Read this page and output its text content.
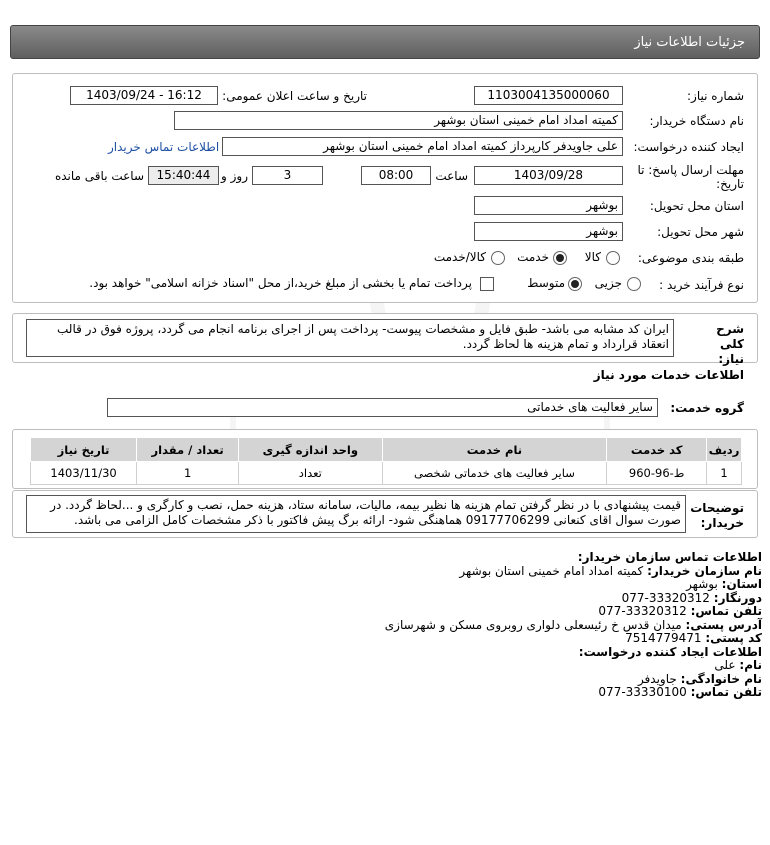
جزئیات اطلاعات نیاز
شماره نیاز:
1103004135000060
تاریخ و ساعت اعلان عمومی:
1403/09/24 - 16:12
نام دستگاه خریدار:
کمیته امداد امام خمینی استان بوشهر
ایجاد کننده درخواست:
علی جاویدفر کارپرداز کمیته امداد امام خمینی استان بوشهر
اطلاعات تماس خریدار
مهلت ارسال پاسخ: تا تاریخ:
1403/09/28
ساعت
08:00
3
روز و
15:40:44
ساعت باقی مانده
استان محل تحویل:
بوشهر
شهر محل تحویل:
بوشهر
طبقه بندی موضوعی:
کالا
خدمت
کالا/خدمت
نوع فرآیند خرید :
جزیی
متوسط
پرداخت تمام یا بخشی از مبلغ خرید،از محل "اسناد خزانه اسلامی" خواهد بود.
شرح کلی نیاز:
ایران کد مشابه می باشد- طبق فایل و مشخصات پیوست- پرداخت پس از اجرای برنامه انجام می گردد، پروژه فوق در قالب انعقاد قرارداد و تمام هزینه ها لحاظ گردد.
اطلاعات خدمات مورد نیاز
گروه خدمت:
سایر فعالیت های خدماتی
ردیف	کد خدمت	نام خدمت	واحد اندازه گیری	تعداد / مقدار	تاریخ نیاز
1	ط-96-960	سایر فعالیت های خدماتی شخصی	تعداد	1	1403/11/30
توضیحات خریدار:
قیمت پیشنهادی با در نظر گرفتن تمام هزینه ها نظیر بیمه، مالیات، سامانه ستاد، هزینه حمل، نصب و کارگری و ...لحاظ گردد. در صورت سوال اقای کنعانی 09177706299 هماهنگی شود- ارائه برگ پیش فاکتور با ذکر مشخصات کامل الزامی می باشد.
اطلاعات تماس سازمان خریدار:
نام سازمان خریدار: کمیته امداد امام خمینی استان بوشهر
استان: بوشهر
دورنگار: 077-33320312
تلفن تماس: 077-33320312
آدرس پستی: میدان قدس خ رئیسعلی دلواری روبروی مسکن و شهرسازی
کد پستی: 7514779471
اطلاعات ایجاد کننده درخواست:
نام: علی
نام خانوادگی: جاویدفر
تلفن تماس: 077-33330100
